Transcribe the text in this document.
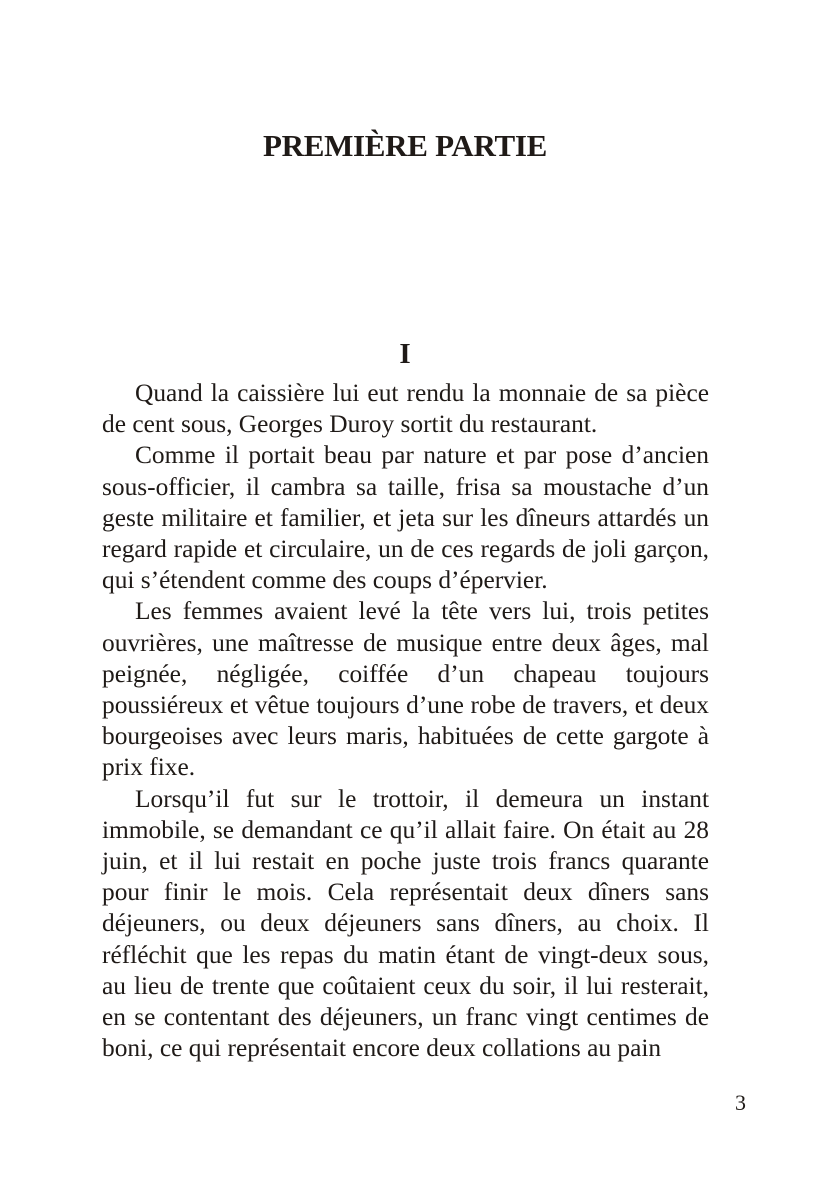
PREMIÈRE PARTIE
I

Quand la caissière lui eut rendu la monnaie de sa pièce de cent sous, Georges Duroy sortit du restaurant.

Comme il portait beau par nature et par pose d’ancien sous-officier, il cambra sa taille, frisa sa moustache d’un geste militaire et familier, et jeta sur les dîneurs attardés un regard rapide et circulaire, un de ces regards de joli garçon, qui s’étendent comme des coups d’épervier.

Les femmes avaient levé la tête vers lui, trois petites ouvrières, une maîtresse de musique entre deux âges, mal peignée, négligée, coiffée d’un chapeau toujours poussiéreux et vêtue toujours d’une robe de travers, et deux bourgeoises avec leurs maris, habituées de cette gargote à prix fixe.

Lorsqu’il fut sur le trottoir, il demeura un instant immobile, se demandant ce qu’il allait faire. On était au 28 juin, et il lui restait en poche juste trois francs quarante pour finir le mois. Cela représentait deux dîners sans déjeuners, ou deux déjeuners sans dîners, au choix. Il réfléchit que les repas du matin étant de vingt-deux sous, au lieu de trente que coûtaient ceux du soir, il lui resterait, en se contentant des déjeuners, un franc vingt centimes de boni, ce qui représentait encore deux collations au pain

3
